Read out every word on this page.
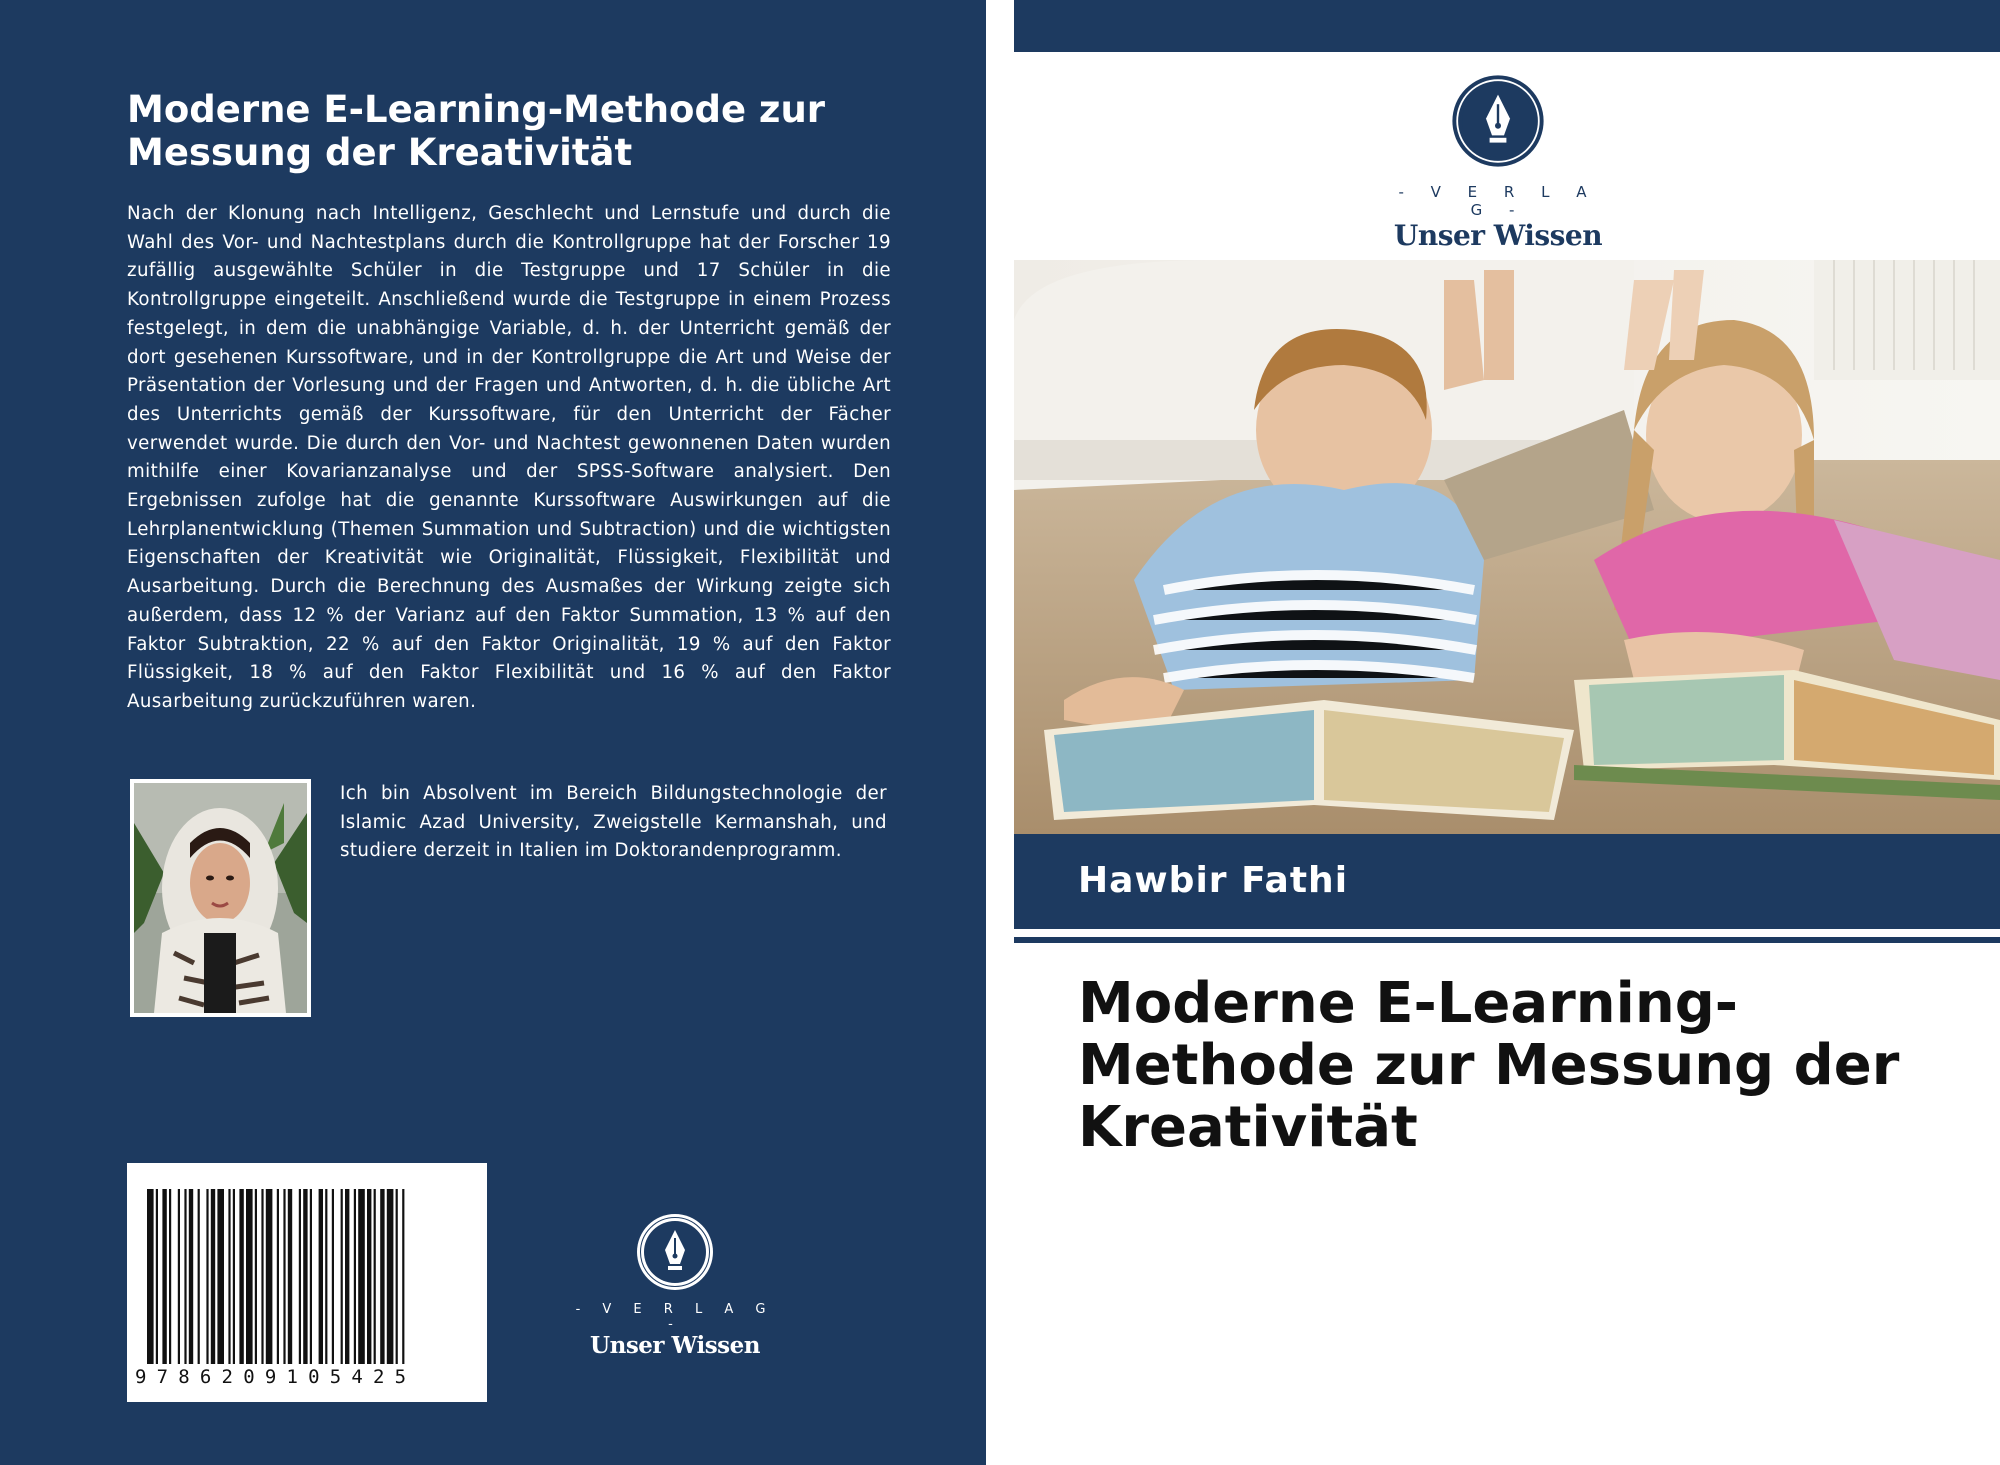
Moderne E-Learning-Methode zur
Messung der Kreativität
Nach der Klonung nach Intelligenz, Geschlecht und Lernstufe und durch die Wahl des Vor- und Nachtestplans durch die Kontrollgruppe hat der Forscher 19 zufällig ausgewählte Schüler in die Testgruppe und 17 Schüler in die Kontrollgruppe eingeteilt. Anschließend wurde die Testgruppe in einem Prozess festgelegt, in dem die unabhängige Variable, d. h. der Unterricht gemäß der dort gesehenen Kurssoftware, und in der Kontrollgruppe die Art und Weise der Präsentation der Vorlesung und der Fragen und Antworten, d. h. die übliche Art des Unterrichts gemäß der Kurssoftware, für den Unterricht der Fächer verwendet wurde. Die durch den Vor- und Nachtest gewonnenen Daten wurden mithilfe einer Kovarianzanalyse und der SPSS-Software analysiert. Den Ergebnissen zufolge hat die genannte Kurssoftware Auswirkungen auf die Lehrplanentwicklung (Themen Summation und Subtraction) und die wichtigsten Eigenschaften der Kreativität wie Originalität, Flüssigkeit, Flexibilität und Ausarbeitung. Durch die Berechnung des Ausmaßes der Wirkung zeigte sich außerdem, dass 12 % der Varianz auf den Faktor Summation, 13 % auf den Faktor Subtraktion, 22 % auf den Faktor Originalität, 19 % auf den Faktor Flüssigkeit, 18 % auf den Faktor Flexibilität und 16 % auf den Faktor Ausarbeitung zurückzuführen waren.
Ich bin Absolvent im Bereich Bildungstechnologie der Islamic Azad University, Zweigstelle Kermanshah, und studiere derzeit in Italien im Doktorandenprogramm.
9786209105425
- V E R L A G -
Unser Wissen
- V E R L A G -
Unser Wissen
Hawbir Fathi
Moderne E-Learning-
Methode zur Messung der
Kreativität
